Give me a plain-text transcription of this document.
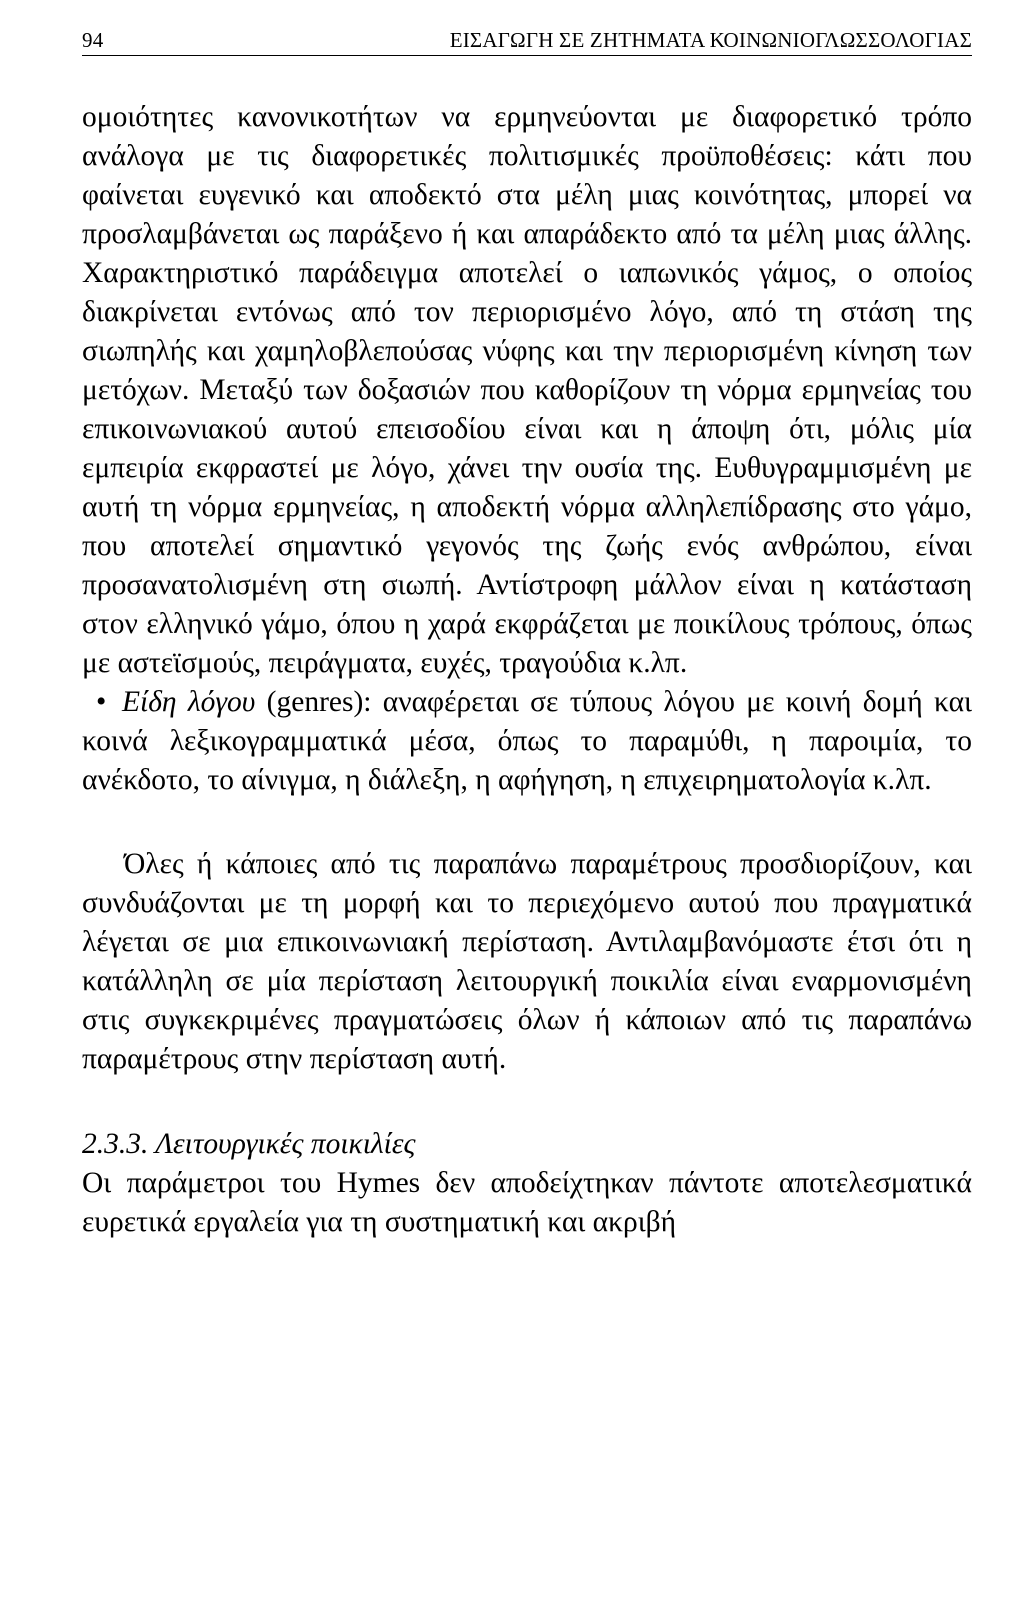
94	ΕΙΣΑΓΩΓΗ ΣΕ ΖΗΤΗΜΑΤΑ ΚΟΙΝΩΝΙΟΓΛΩΣΣΟΛΟΓΙΑΣ

ομοιότητες κανονικοτήτων να ερμηνεύονται με διαφορετικό τρόπο ανάλογα με τις διαφορετικές πολιτισμικές προϋποθέσεις: κάτι που φαίνεται ευγενικό και αποδεκτό στα μέλη μιας κοινότητας, μπορεί να προσλαμβάνεται ως παράξενο ή και απαράδεκτο από τα μέλη μιας άλλης. Χαρακτηριστικό παράδειγμα αποτελεί ο ιαπωνικός γάμος, ο οποίος διακρίνεται εντόνως από τον περιορισμένο λόγο, από τη στάση της σιωπηλής και χαμηλοβλεπούσας νύφης και την περιορισμένη κίνηση των μετόχων. Μεταξύ των δοξασιών που καθορίζουν τη νόρμα ερμηνείας του επικοινωνιακού αυτού επεισοδίου είναι και η άποψη ότι, μόλις μία εμπειρία εκφραστεί με λόγο, χάνει την ουσία της. Ευθυγραμμισμένη με αυτή τη νόρμα ερμηνείας, η αποδεκτή νόρμα αλληλεπίδρασης στο γάμο, που αποτελεί σημαντικό γεγονός της ζωής ενός ανθρώπου, είναι προσανατολισμένη στη σιωπή. Αντίστροφη μάλλον είναι η κατάσταση στον ελληνικό γάμο, όπου η χαρά εκφράζεται με ποικίλους τρόπους, όπως με αστεϊσμούς, πειράγματα, ευχές, τραγούδια κ.λπ.

• Είδη λόγου (genres): αναφέρεται σε τύπους λόγου με κοινή δομή και κοινά λεξικογραμματικά μέσα, όπως το παραμύθι, η παροιμία, το ανέκδοτο, το αίνιγμα, η διάλεξη, η αφήγηση, η επιχειρηματολογία κ.λπ.

Όλες ή κάποιες από τις παραπάνω παραμέτρους προσδιορίζουν, και συνδυάζονται με τη μορφή και το περιεχόμενο αυτού που πραγματικά λέγεται σε μια επικοινωνιακή περίσταση. Αντιλαμβανόμαστε έτσι ότι η κατάλληλη σε μία περίσταση λειτουργική ποικιλία είναι εναρμονισμένη στις συγκεκριμένες πραγματώσεις όλων ή κάποιων από τις παραπάνω παραμέτρους στην περίσταση αυτή.

2.3.3. Λειτουργικές ποικιλίες

Οι παράμετροι του Hymes δεν αποδείχτηκαν πάντοτε αποτελεσματικά ευρετικά εργαλεία για τη συστηματική και ακριβή
